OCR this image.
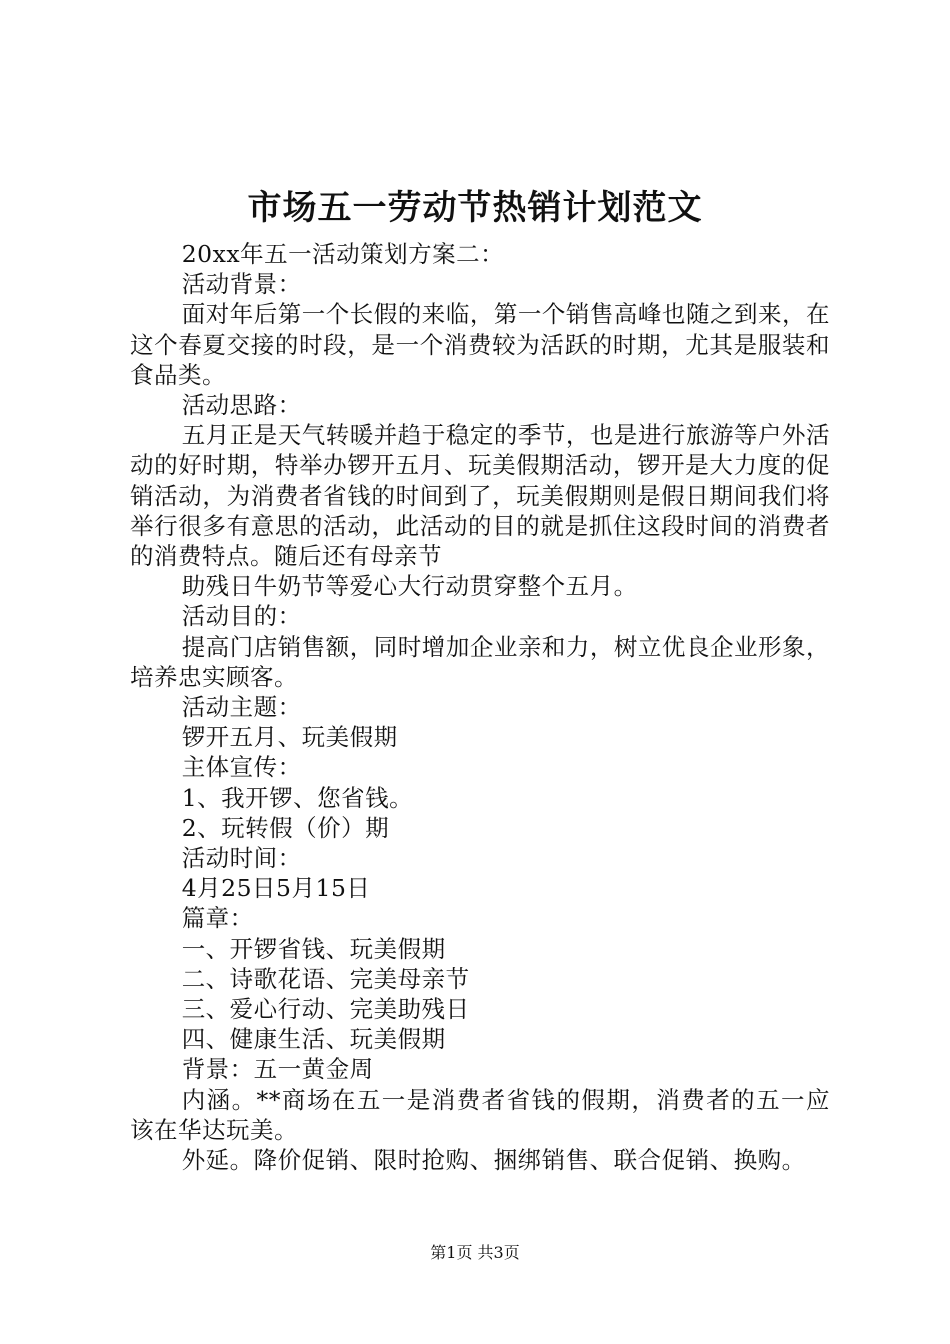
市场五一劳动节热销计划范文

20xx年五一活动策划方案二：

活动背景：

面对年后第一个长假的来临，第一个销售高峰也随之到来，在这个春夏交接的时段，是一个消费较为活跃的时期，尤其是服装和食品类。

活动思路：

五月正是天气转暖并趋于稳定的季节，也是进行旅游等户外活动的好时期，特举办锣开五月、玩美假期活动，锣开是大力度的促销活动，为消费者省钱的时间到了，玩美假期则是假日期间我们将举行很多有意思的活动，此活动的目的就是抓住这段时间的消费者的消费特点。随后还有母亲节

助残日牛奶节等爱心大行动贯穿整个五月。

活动目的：

提高门店销售额，同时增加企业亲和力，树立优良企业形象，培养忠实顾客。

活动主题：

锣开五月、玩美假期

主体宣传：

1、我开锣、您省钱。

2、玩转假（价）期

活动时间：

4月25日5月15日

篇章：

一、开锣省钱、玩美假期

二、诗歌花语、完美母亲节

三、爱心行动、完美助残日

四、健康生活、玩美假期

背景：五一黄金周

内涵。**商场在五一是消费者省钱的假期，消费者的五一应该在华达玩美。

外延。降价促销、限时抢购、捆绑销售、联合促销、换购。

第1页 共3页
